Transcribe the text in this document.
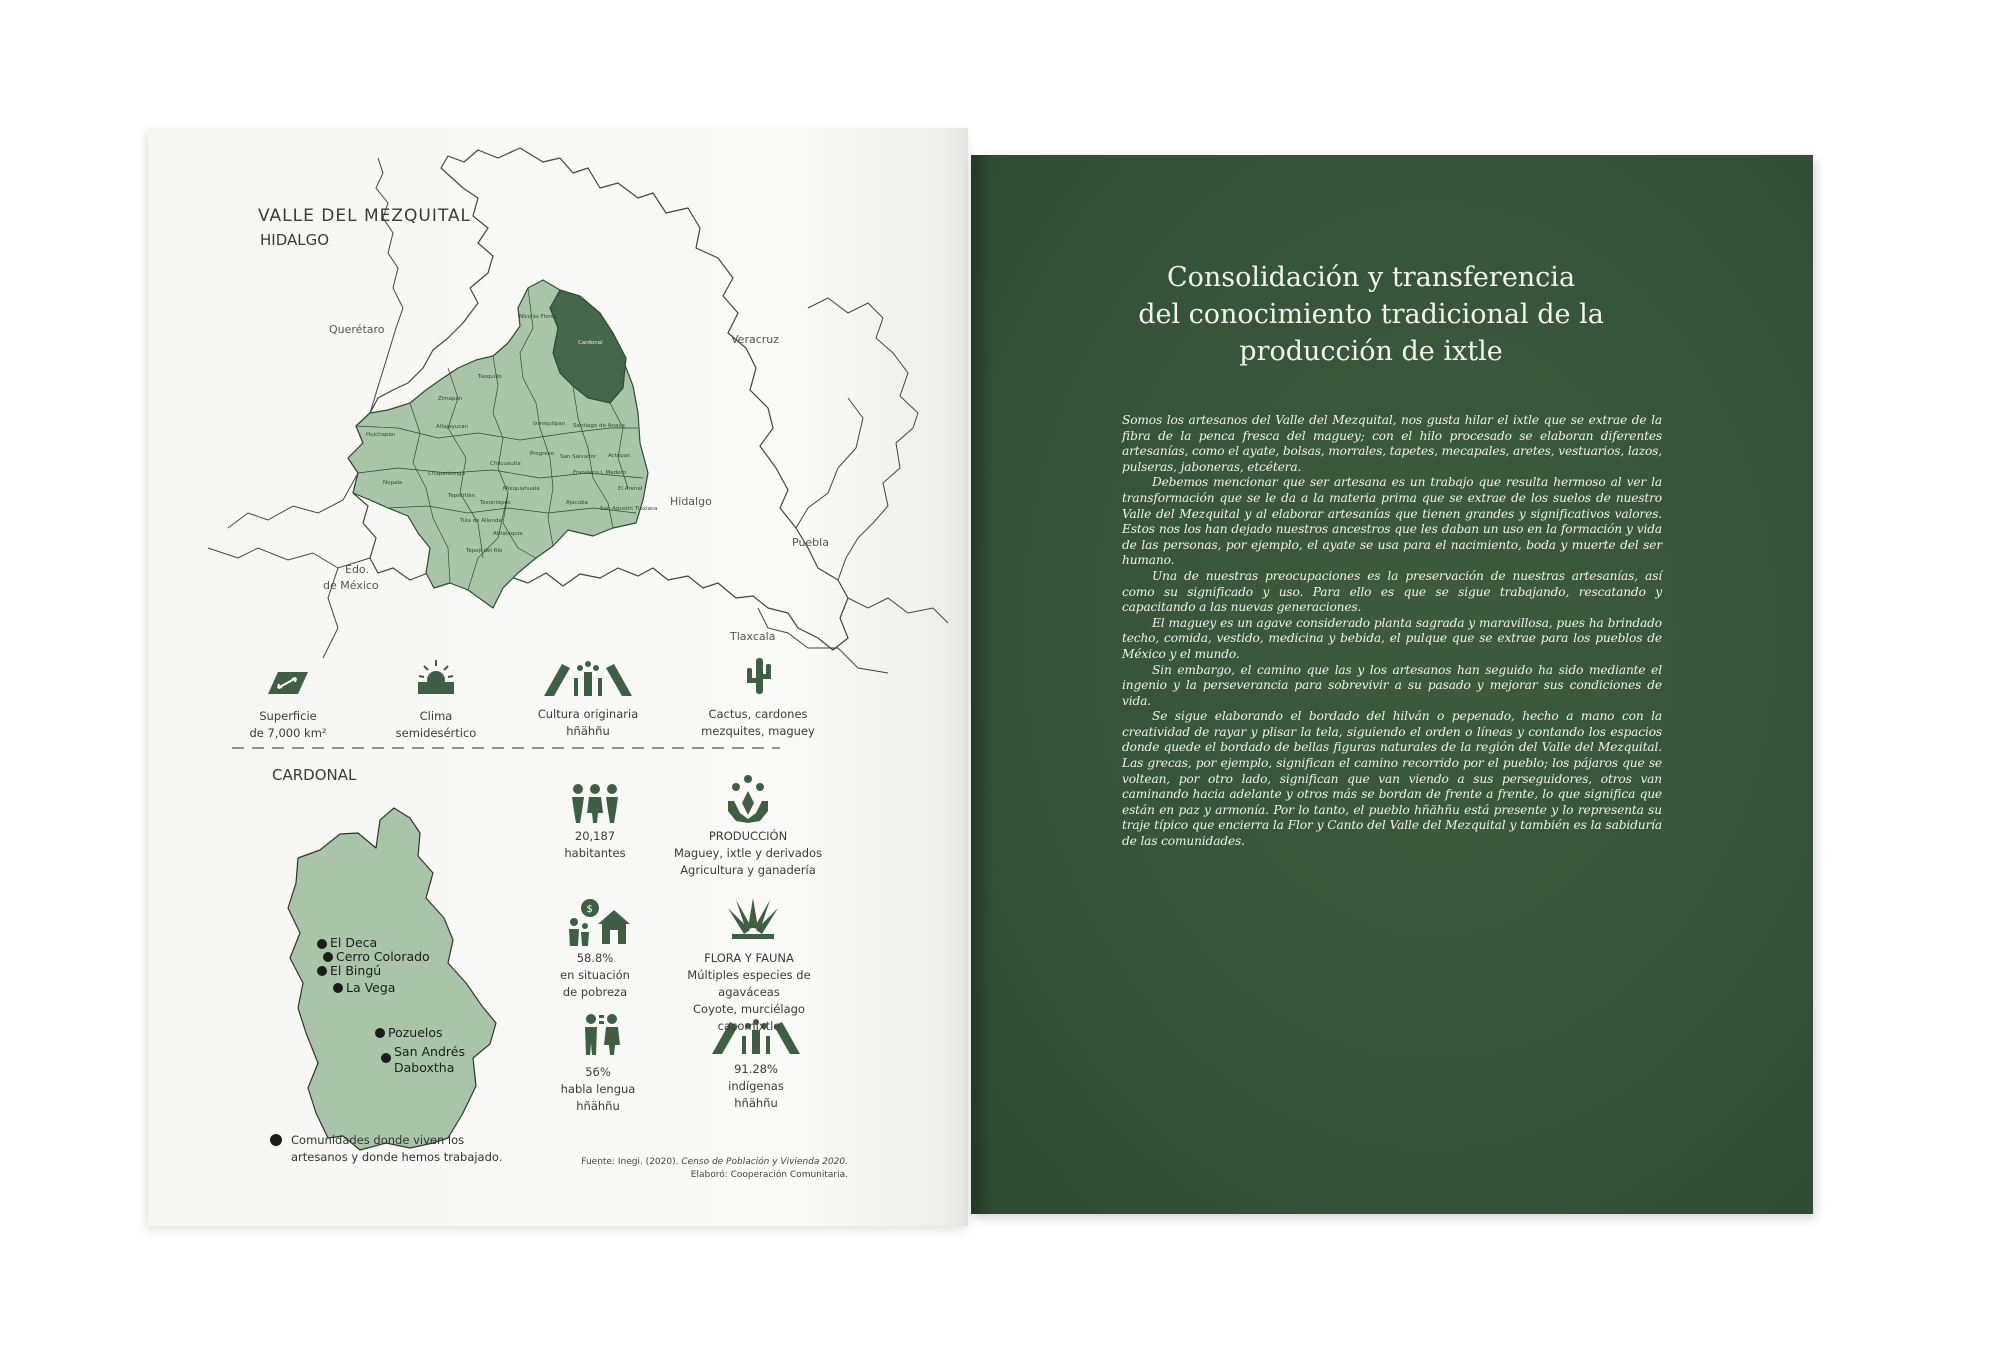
VALLE DEL MEZQUITAL
HIDALGO
Querétaro
Veracruz
Hidalgo
Puebla
Tlaxcala
Edo.
de México
Nicolás Flores
Cardonal
Tasquillo
Zimapán
Huichapan
Alfajayucan	Ixmiquilpan Santiago de Anaya
Nopala
Chapantongo
Chilcuautla
Progreso San Salvador Actopan
Francisco I. Madero
El Arenal
Tepetitlán
Mixquiahuala
Tezontepec	Ajacuba
San Agustín Tlaxiaca
Tula de Allende
Atitalaquia
Tepeji del Río
Superficie
de 7,000 km²
Clima
semidesértico
Cultura originaria
hñähñu
Cactus, cardones
mezquites, maguey
CARDONAL
El Deca
Cerro Colorado
El Bingú
La Vega
Pozuelos
San Andrés
Daboxtha
Comunidades donde viven los
artesanos y donde hemos trabajado.
$
20,187
habitantes
PRODUCCIÓN
Maguey, ixtle y derivados
Agricultura y ganadería
58.8%
en situación
de pobreza
FLORA Y FAUNA
Múltiples especies de agaváceas
Coyote, murciélago
cacomixtle
56%
habla lengua
hñähñu
91.28%
indígenas
hñähñu
Fuente: Inegi. (2020). Censo de Población y Vivienda 2020.
Elaboró: Cooperación Comunitaria.
Consolidación y transferencia
del conocimiento tradicional de la
producción de ixtle

Somos los artesanos del Valle del Mezquital, nos gusta hilar el ixtle que se extrae de la fibra de la penca fresca del maguey; con el hilo procesado se elaboran diferentes artesanías, como el ayate, bolsas, morrales, tapetes, mecapales, aretes, vestuarios, lazos, pulseras, jaboneras, etcétera.

Debemos mencionar que ser artesana es un trabajo que resulta hermoso al ver la transformación que se le da a la materia prima que se extrae de los suelos de nuestro Valle del Mezquital y al elaborar artesanías que tienen grandes y significativos valores. Estos nos los han dejado nuestros ancestros que les daban un uso en la formación y vida de las personas, por ejemplo, el ayate se usa para el nacimiento, boda y muerte del ser humano.

Una de nuestras preocupaciones es la preservación de nuestras artesanías, así como su significado y uso. Para ello es que se sigue trabajando, rescatando y capacitando a las nuevas generaciones.

El maguey es un agave considerado planta sagrada y maravillosa, pues ha brindado techo, comida, vestido, medicina y bebida, el pulque que se extrae para los pueblos de México y el mundo.

Sin embargo, el camino que las y los artesanos han seguido ha sido mediante el ingenio y la perseverancia para sobrevivir a su pasado y mejorar sus condiciones de vida.

Se sigue elaborando el bordado del hilván o pepenado, hecho a mano con la creatividad de rayar y plisar la tela, siguiendo el orden o líneas y contando los espacios donde quede el bordado de bellas figuras naturales de la región del Valle del Mezquital. Las grecas, por ejemplo, significan el camino recorrido por el pueblo; los pájaros que se voltean, por otro lado, significan que van viendo a sus perseguidores, otros van caminando hacia adelante y otros más se bordan de frente a frente, lo que significa que están en paz y armonía. Por lo tanto, el pueblo hñähñu está presente y lo representa su traje típico que encierra la Flor y Canto del Valle del Mezquital y también es la sabiduría de las comunidades.
